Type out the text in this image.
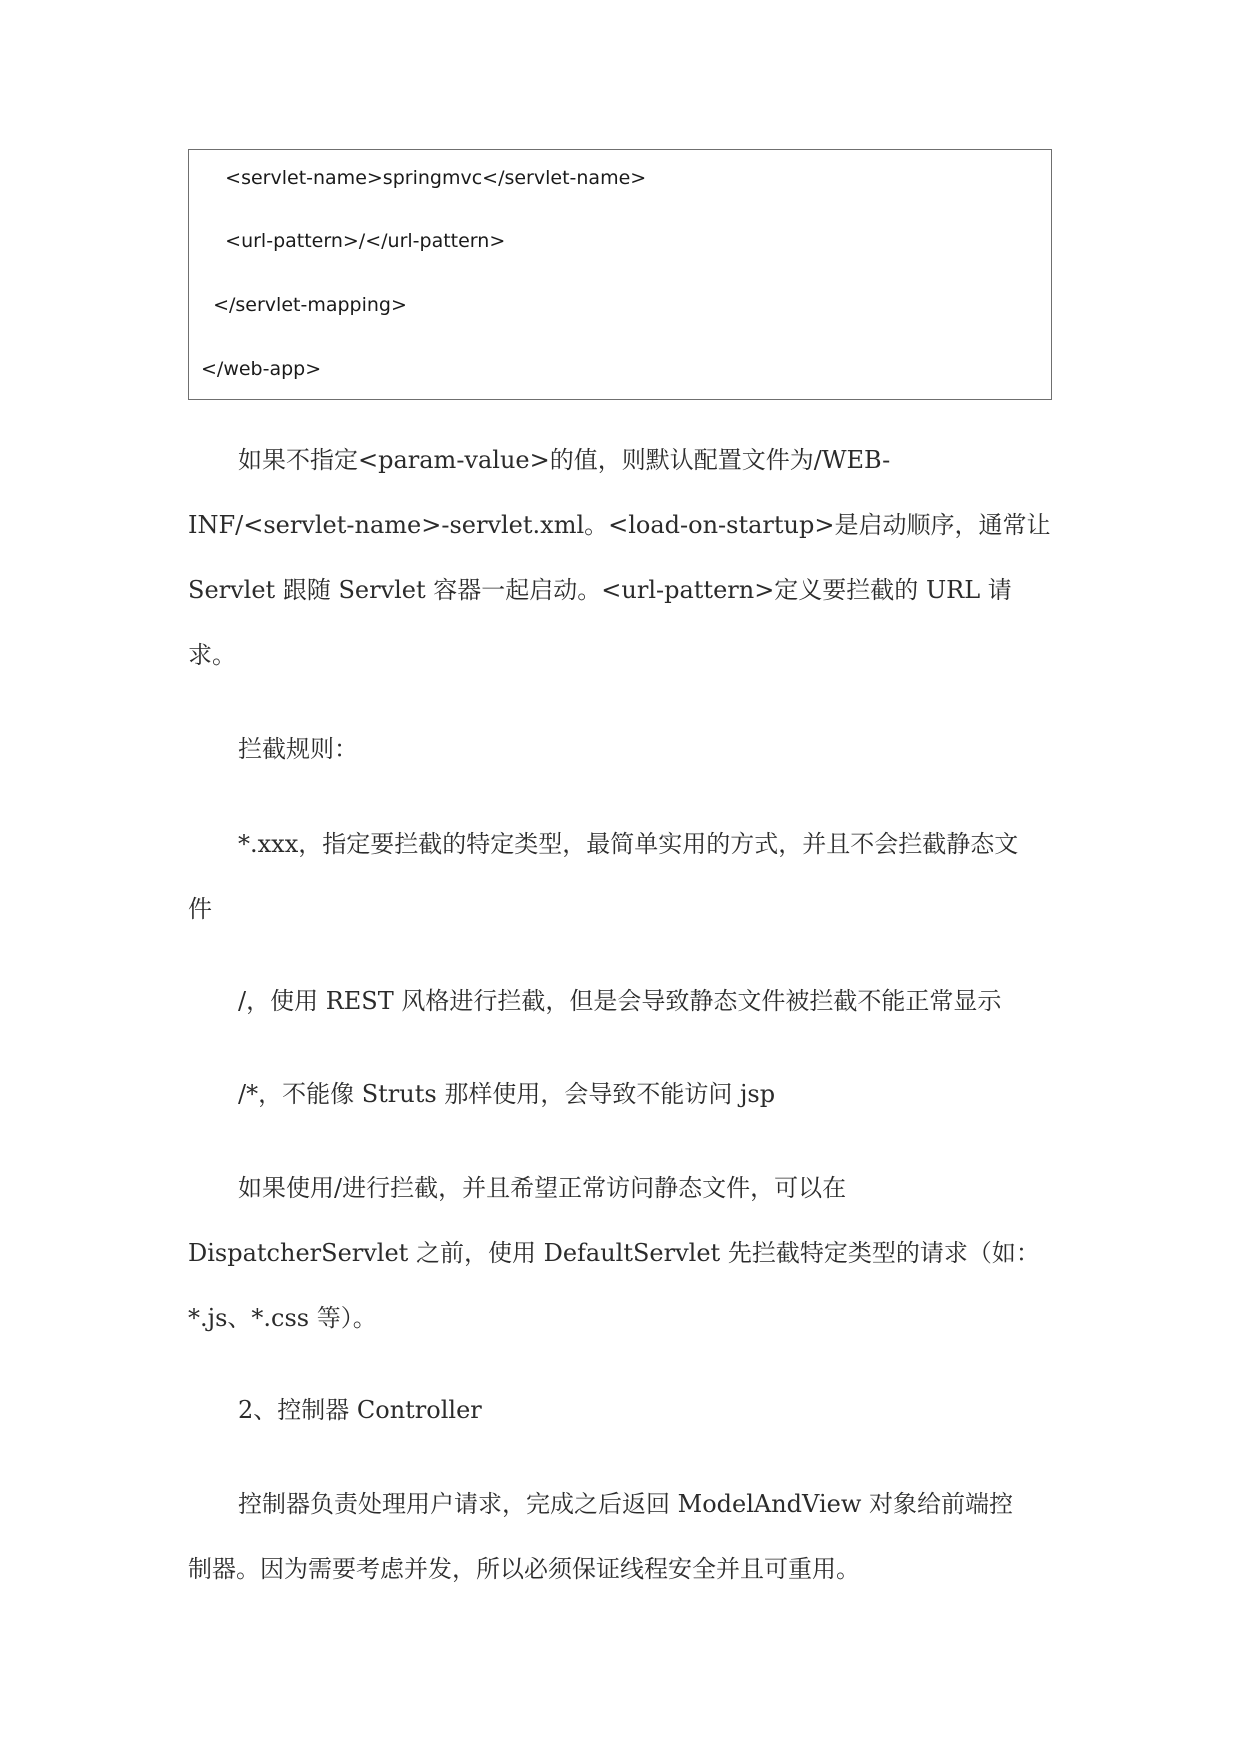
<servlet-name>springmvc</servlet-name>
<url-pattern>/</url-pattern>
</servlet-mapping>
</web-app>
如果不指定<param-value>的值，则默认配置文件为/WEB-
INF/<servlet-name>-servlet.xml。<load-on-startup>是启动顺序，通常让
Servlet 跟随 Servlet 容器一起启动。<url-pattern>定义要拦截的 URL 请
求。
拦截规则：
*.xxx，指定要拦截的特定类型，最简单实用的方式，并且不会拦截静态文
件
/，使用 REST 风格进行拦截，但是会导致静态文件被拦截不能正常显示
/*，不能像 Struts 那样使用，会导致不能访问 jsp
如果使用/进行拦截，并且希望正常访问静态文件，可以在
DispatcherServlet 之前，使用 DefaultServlet 先拦截特定类型的请求（如：
*.js、*.css 等）。
2、控制器 Controller
控制器负责处理用户请求，完成之后返回 ModelAndView 对象给前端控
制器。因为需要考虑并发，所以必须保证线程安全并且可重用。
